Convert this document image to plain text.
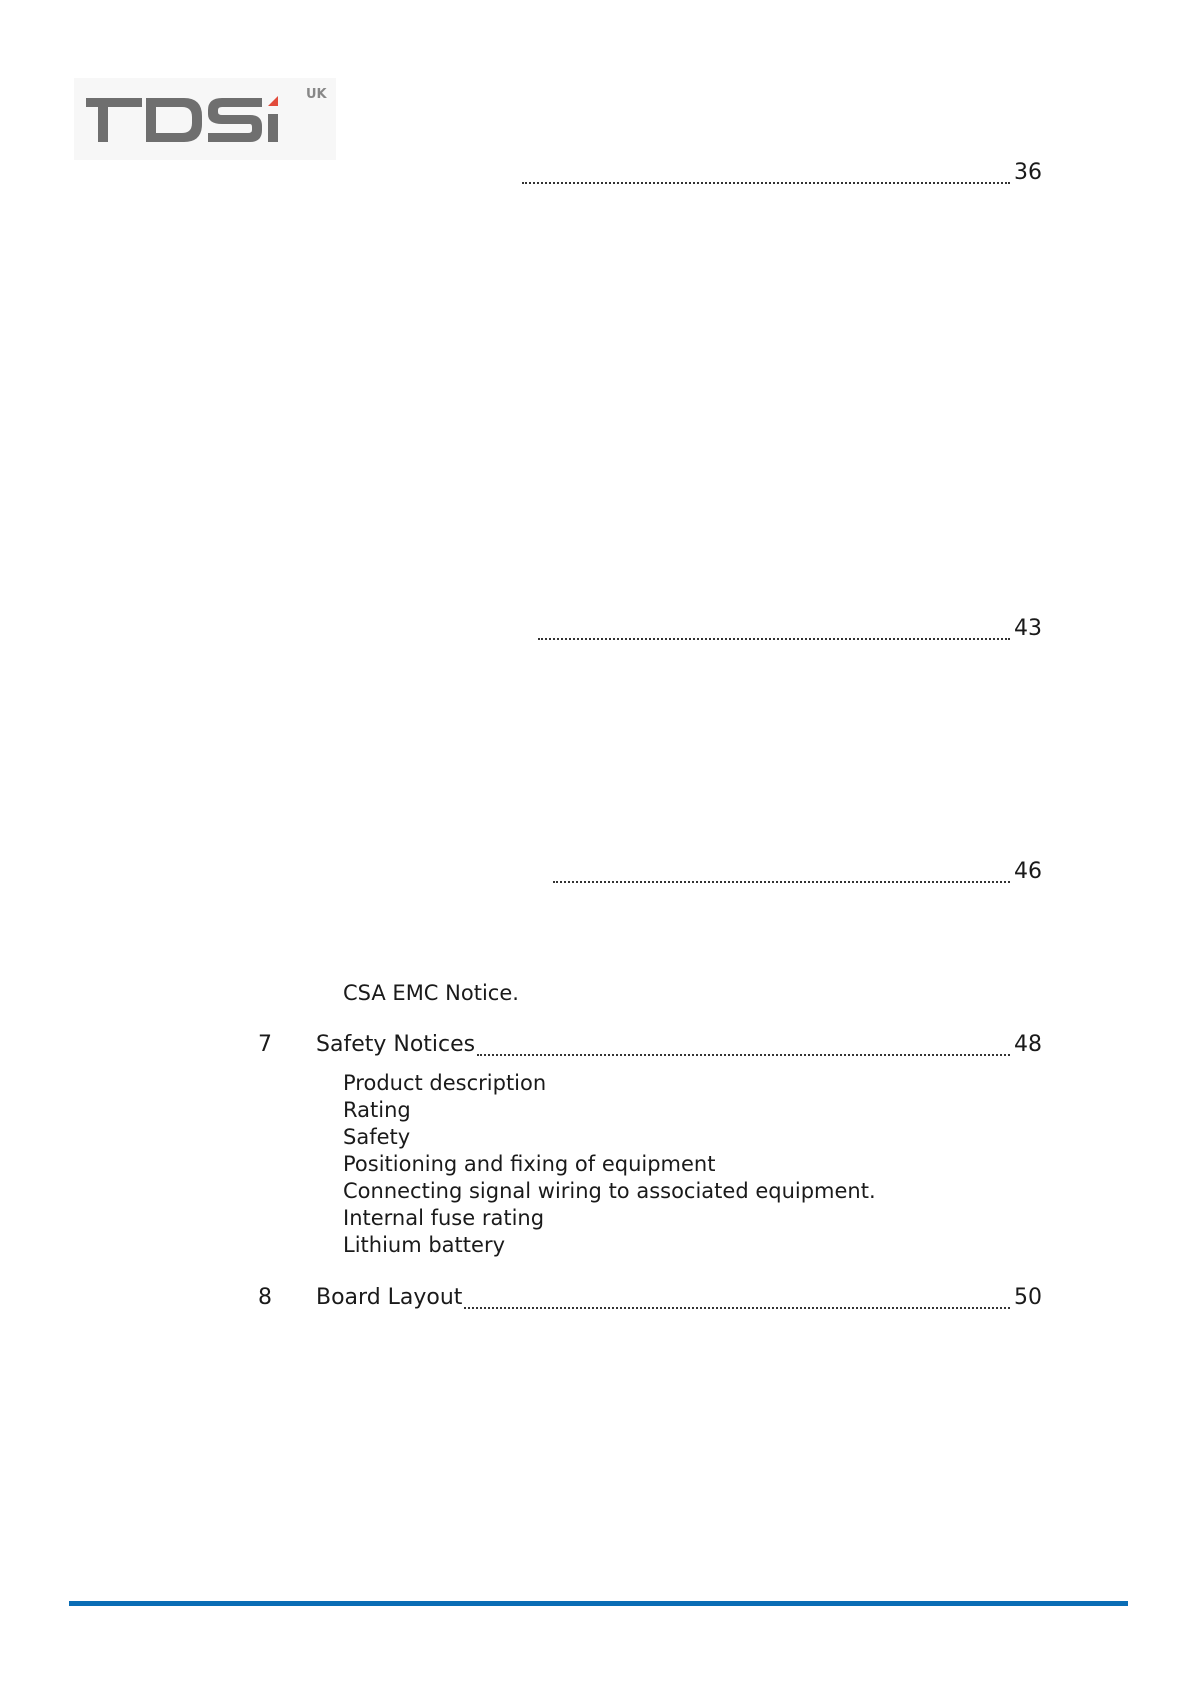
UK
36
43
46
CSA EMC Notice.
7 Safety Notices	48
Product description
Rating
Safety
Positioning and fixing of equipment
Connecting signal wiring to associated equipment.
Internal fuse rating
Lithium battery
8 Board Layout	50
